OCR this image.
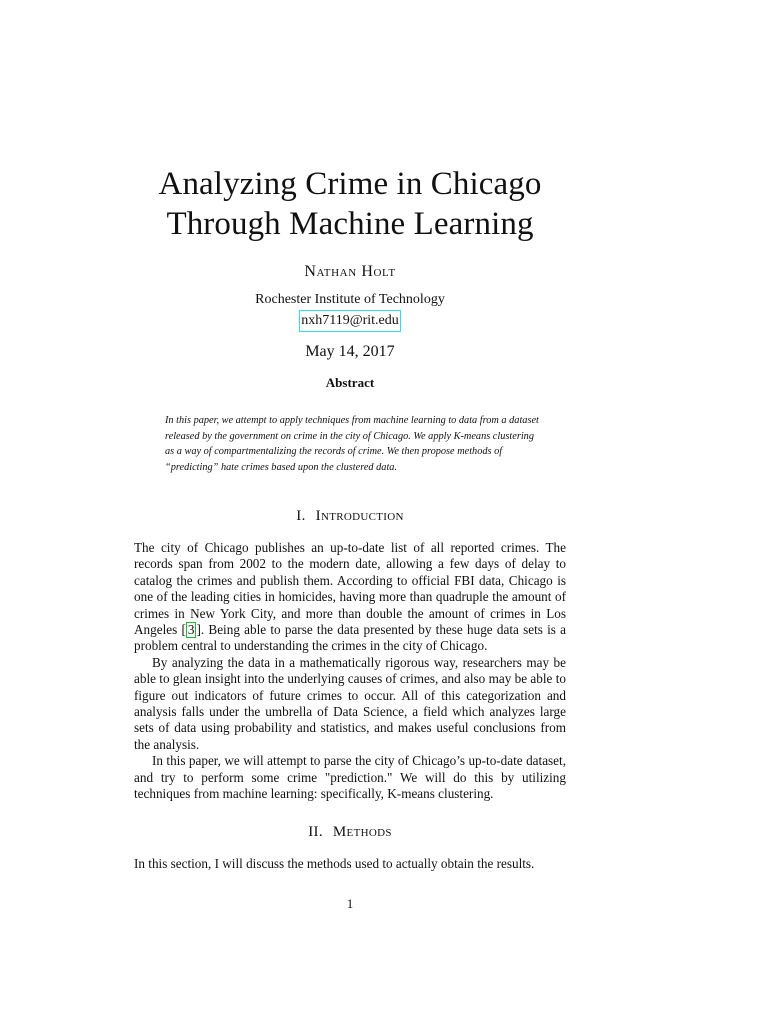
Analyzing Crime in Chicago
Through Machine Learning
Nathan Holt
Rochester Institute of Technology
nxh7119@rit.edu
May 14, 2017
Abstract
In this paper, we attempt to apply techniques from machine learning to data from a dataset released by the government on crime in the city of Chicago. We apply K-means clustering as a way of compartmentalizing the records of crime. We then propose methods of “predicting” hate crimes based upon the clustered data.
I. Introduction

The city of Chicago publishes an up-to-date list of all reported crimes. The records span from 2002 to the modern date, allowing a few days of delay to catalog the crimes and publish them. According to official FBI data, Chicago is one of the leading cities in homicides, having more than quadruple the amount of crimes in New York City, and more than double the amount of crimes in Los Angeles [ 3 ]. Being able to parse the data presented by these huge data sets is a problem central to understanding the crimes in the city of Chicago.

By analyzing the data in a mathematically rigorous way, researchers may be able to glean insight into the underlying causes of crimes, and also may be able to figure out indicators of future crimes to occur. All of this categorization and analysis falls under the umbrella of Data Science, a field which analyzes large sets of data using probability and statistics, and makes useful conclusions from the analysis.

In this paper, we will attempt to parse the city of Chicago’s up-to-date dataset, and try to perform some crime "prediction." We will do this by utilizing techniques from machine learning: specifically, K-means clustering.

II. Methods

In this section, I will discuss the methods used to actually obtain the results.

1
